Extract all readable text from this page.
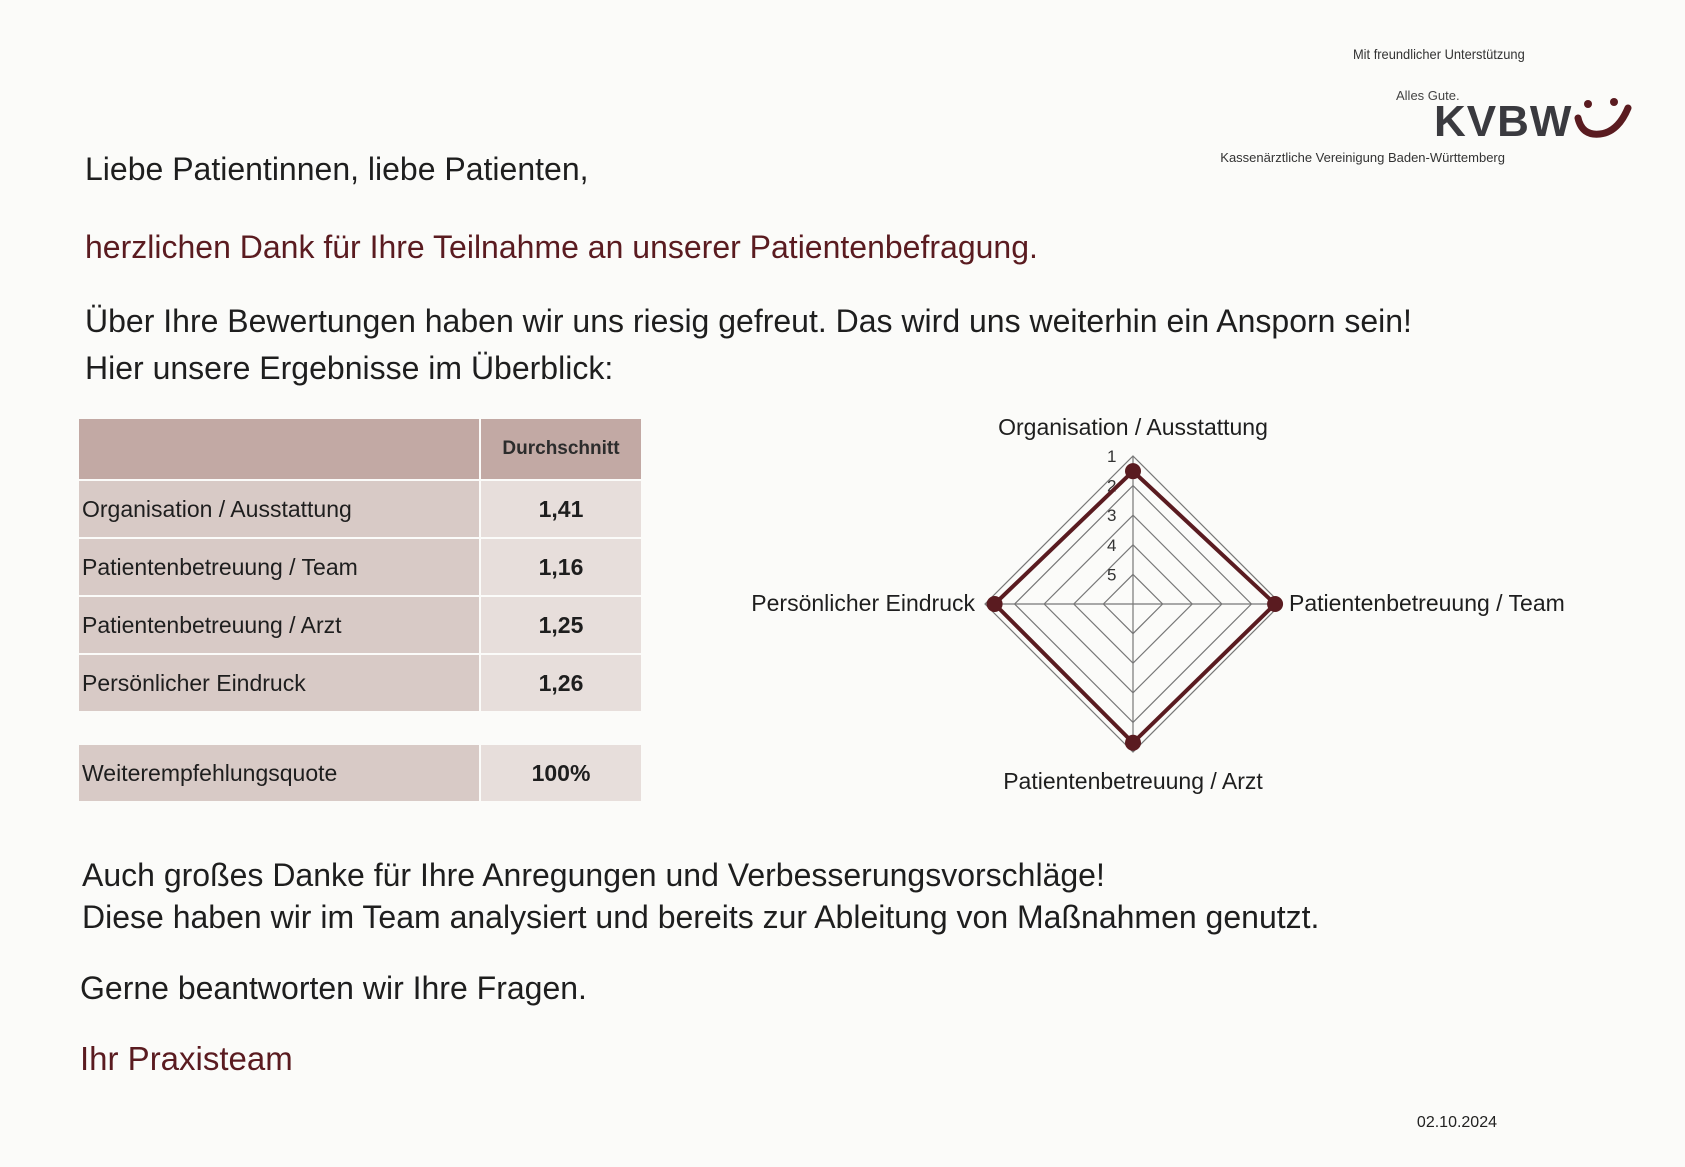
Mit freundlicher Unterstützung
Alles Gute.
KVBW
Kassenärztliche Vereinigung Baden-Württemberg
Liebe Patientinnen, liebe Patienten,
herzlichen Dank für Ihre Teilnahme an unserer Patientenbefragung.
Über Ihre Bewertungen haben wir uns riesig gefreut. Das wird uns weiterhin ein Ansporn sein!
Hier unsere Ergebnisse im Überblick:
Durchschnitt
Organisation / Ausstattung	1,41
Patientenbetreuung / Team	1,16
Patientenbetreuung / Arzt	1,25
Persönlicher Eindruck	1,26
Weiterempfehlungsquote	100%
1
2
3
4
5
Organisation / Ausstattung
Patientenbetreuung / Team
Patientenbetreuung / Arzt
Persönlicher Eindruck
Auch großes Danke für Ihre Anregungen und Verbesserungsvorschläge!
Diese haben wir im Team analysiert und bereits zur Ableitung von Maßnahmen genutzt.
Gerne beantworten wir Ihre Fragen.
Ihr Praxisteam
02.10.2024
